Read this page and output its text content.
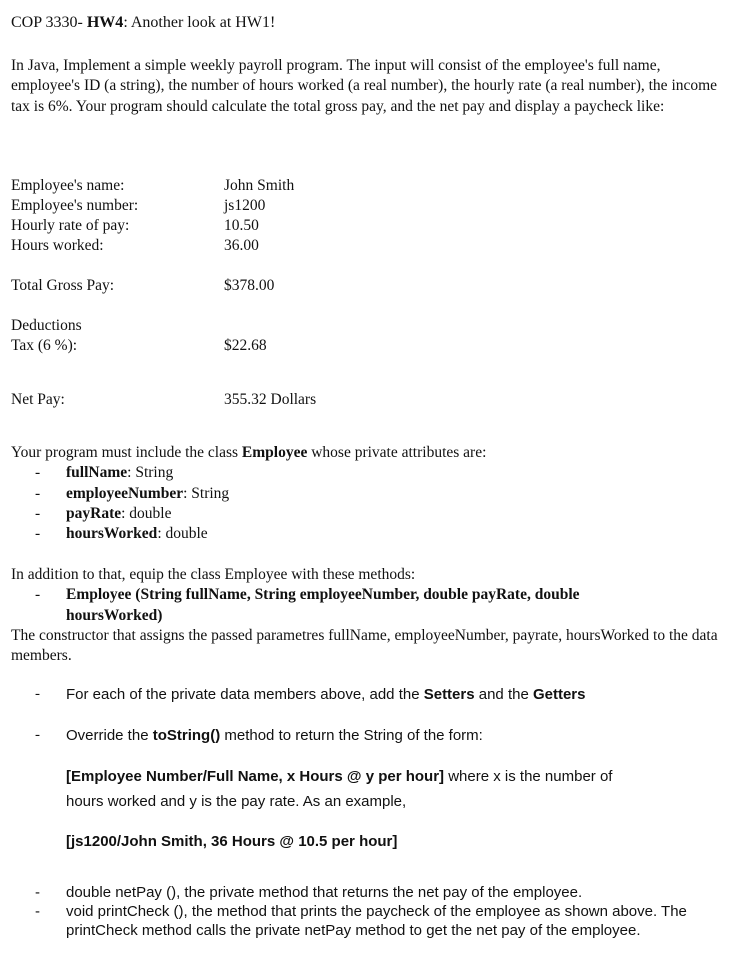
COP 3330- HW4: Another look at HW1!
In Java, Implement a simple weekly payroll program. The input will consist of the employee's full name, employee's ID (a string), the number of hours worked (a real number), the hourly rate (a real number), the income tax is 6%. Your program should calculate the total gross pay, and the net pay and display a paycheck like:
Employee's name:	John Smith
Employee's number:	js1200
Hourly rate of pay:	10.50
Hours worked:	36.00
Total Gross Pay:	$378.00
Deductions
Tax (6 %):	$22.68
Net Pay:	355.32 Dollars
Your program must include the class Employee whose private attributes are:
- fullName: String
- employeeNumber: String
- payRate: double
- hoursWorked: double
In addition to that, equip the class Employee with these methods:
- Employee (String fullName, String employeeNumber, double payRate, double
hoursWorked)
The constructor that assigns the passed parametres fullName, employeeNumber, payrate, hoursWorked to the data members.
- For each of the private data members above, add the Setters and the Getters
- Override the toString() method to return the String of the form:
[Employee Number/Full Name, x Hours @ y per hour] where x is the number of
hours worked and y is the pay rate. As an example,
[js1200/John Smith, 36 Hours @ 10.5 per hour]
- double netPay (), the private method that returns the net pay of the employee.
- void printCheck (), the method that prints the paycheck of the employee as shown above. The printCheck method calls the private netPay method to get the net pay of the employee.
